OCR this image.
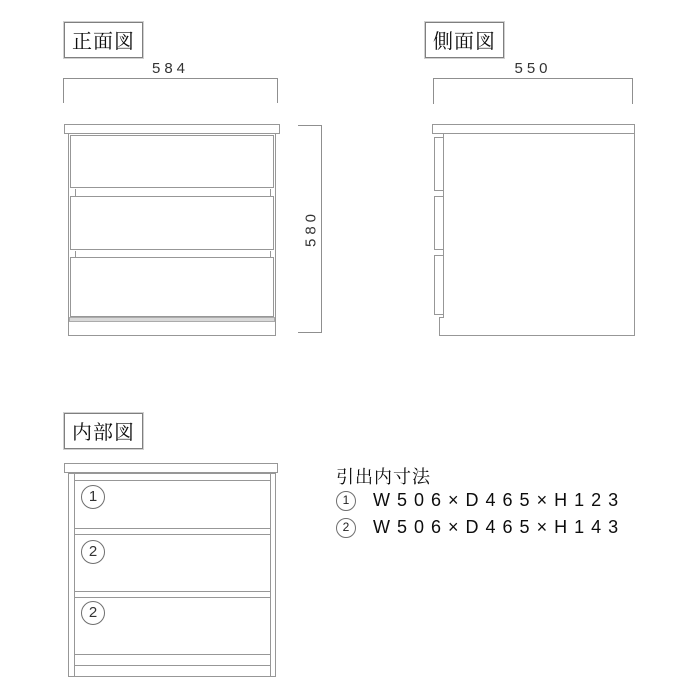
正面図
584
580
側面図
550
内部図
1
2
2
引出内寸法
1	W506×D465×H123
2	W506×D465×H143
